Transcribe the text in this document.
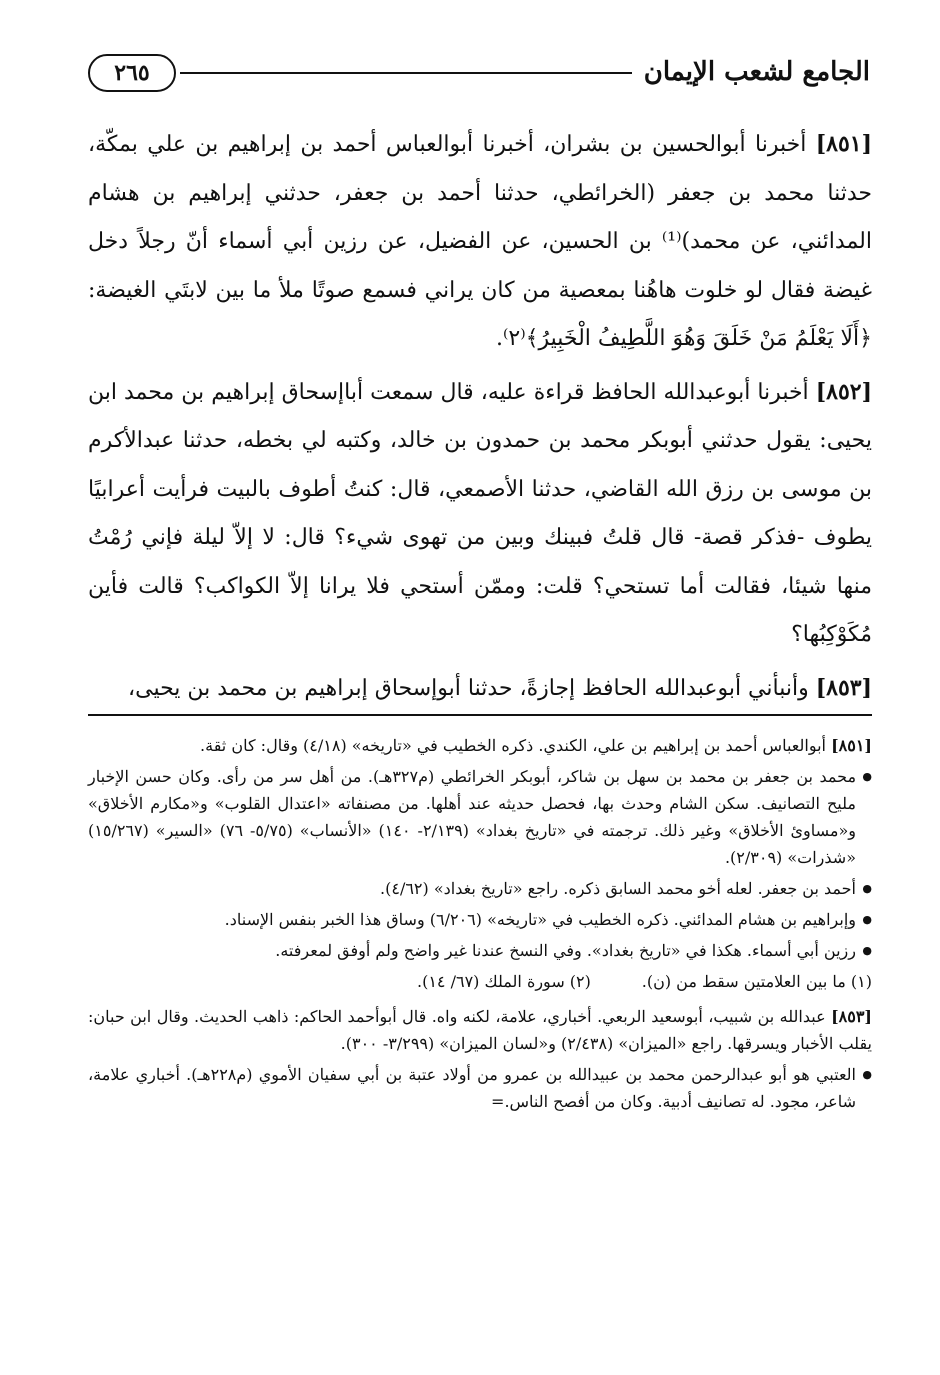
الجامع لشعب الإيمان
٢٦٥

[٨٥١] أخبرنا أبوالحسين بن بشران، أخبرنا أبوالعباس أحمد بن إبراهيم بن علي بمكّة، حدثنا محمد بن جعفر (الخرائطي، حدثنا أحمد بن جعفر، حدثني إبراهيم بن هشام المدائني، عن محمد)⁽¹⁾ بن الحسين، عن الفضيل، عن رزين أبي أسماء أنّ رجلاً دخل غيضة فقال لو خلوت هاهُنا بمعصية من كان يراني فسمع صوتًا ملأ ما بين لابتَي الغيضة: ﴿أَلَا يَعْلَمُ مَنْ خَلَقَ وَهُوَ اللَّطِيفُ الْخَبِيرُ﴾⁽٢⁾.

[٨٥٢] أخبرنا أبوعبدالله الحافظ قراءة عليه، قال سمعت أباإسحاق إبراهيم بن محمد ابن يحيى: يقول حدثني أبوبكر محمد بن حمدون بن خالد، وكتبه لي بخطه، حدثنا عبدالأكرم بن موسى بن رزق الله القاضي، حدثنا الأصمعي، قال: كنتُ أطوف بالبيت فرأيت أعرابيًا يطوف -فذكر قصة- قال قلتُ فبينك وبين من تهوى شيء؟ قال: لا إلاّ ليلة فإني رُمْتُ منها شيئا، فقالت أما تستحي؟ قلت: وممّن أستحي فلا يرانا إلاّ الكواكب؟ قالت فأين مُكَوْكِبُها؟

[٨٥٣] وأنبأني أبوعبدالله الحافظ إجازةً، حدثنا أبوإسحاق إبراهيم بن محمد بن يحيى،

[٨٥١] أبوالعباس أحمد بن إبراهيم بن علي، الكندي. ذكره الخطيب في «تاريخه» (٤/١٨) وقال: كان ثقة.

● محمد بن جعفر بن محمد بن سهل بن شاكر، أبوبكر الخرائطي (م٣٢٧هـ). من أهل سر من رأى. وكان حسن الإخبار مليح التصانيف. سكن الشام وحدث بها، فحصل حديثه عند أهلها. من مصنفاته «اعتدال القلوب» و«مكارم الأخلاق» و«مساوئ الأخلاق» وغير ذلك. ترجمته في «تاريخ بغداد» (٢/١٣٩- ١٤٠) «الأنساب» (٥/٧٥- ٧٦) «السير» (١٥/٢٦٧) «شذرات» (٢/٣٠٩).

● أحمد بن جعفر. لعله أخو محمد السابق ذكره. راجع «تاريخ بغداد» (٤/٦٢).

● وإبراهيم بن هشام المدائني. ذكره الخطيب في «تاريخه» (٦/٢٠٦) وساق هذا الخبر بنفس الإسناد.

● رزين أبي أسماء. هكذا في «تاريخ بغداد». وفي النسخ عندنا غير واضح ولم أوفق لمعرفته.

(١) ما بين العلامتين سقط من (ن).          (٢) سورة الملك (٦٧/ ١٤).

[٨٥٣] عبدالله بن شبيب، أبوسعيد الربعي. أخباري، علامة، لكنه واه. قال أبوأحمد الحاكم: ذاهب الحديث. وقال ابن حبان: يقلب الأخبار ويسرقها. راجع «الميزان» (٢/٤٣٨) و«لسان الميزان» (٣/٢٩٩- ٣٠٠).

● العتبي هو أبو عبدالرحمن محمد بن عبيدالله بن عمرو من أولاد عتبة بن أبي سفيان الأموي (م٢٢٨هـ). أخباري علامة، شاعر، مجود. له تصانيف أدبية. وكان من أفصح الناس.=
